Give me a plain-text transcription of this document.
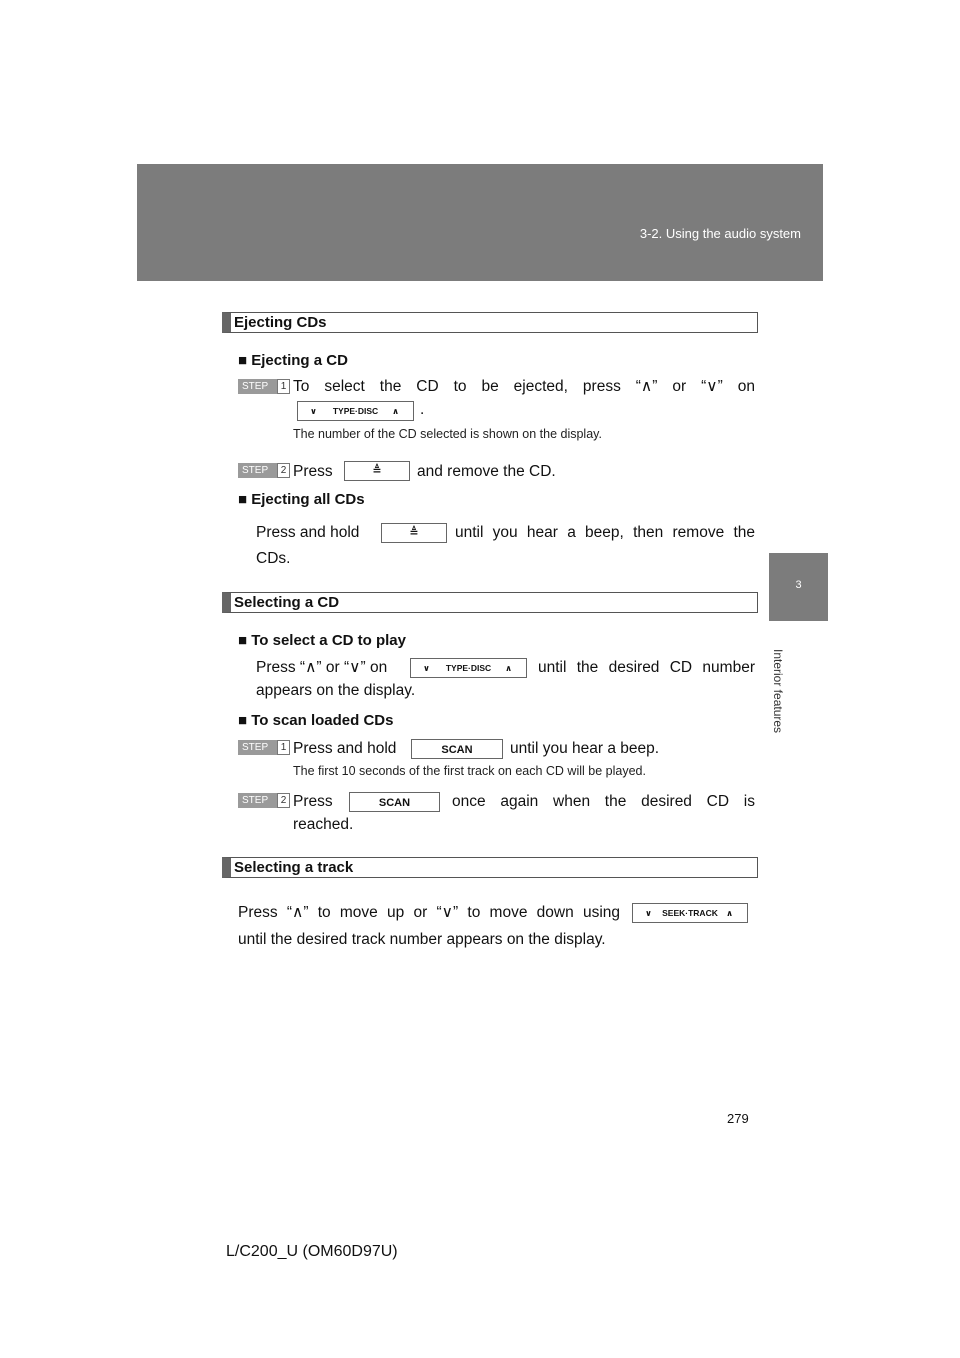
3-2. Using the audio system
3
Interior features
Ejecting CDs
■ Ejecting a CD
STEP	1 To select the CD to be ejected, press “∧” or “∨” on
∨	TYPE·DISC	∧ .
The number of the CD selected is shown on the display.
STEP	2 Press	≜	and remove the CD.
■ Ejecting all CDs
Press and hold	≜	until you hear a beep, then remove the
CDs.
Selecting a CD
■ To select a CD to play
Press “∧” or “∨” on	∨	TYPE·DISC	∧ until the desired CD number
appears on the display.
■ To scan loaded CDs
STEP	1 Press and hold	SCAN	until you hear a beep.
The first 10 seconds of the first track on each CD will be played.
STEP	2 Press	SCAN	once again when the desired CD is
reached.
Selecting a track
Press “∧” to move up or “∨” to move down using	∨	SEEK·TRACK ∧
until the desired track number appears on the display.
279
L/C200_U (OM60D97U)
